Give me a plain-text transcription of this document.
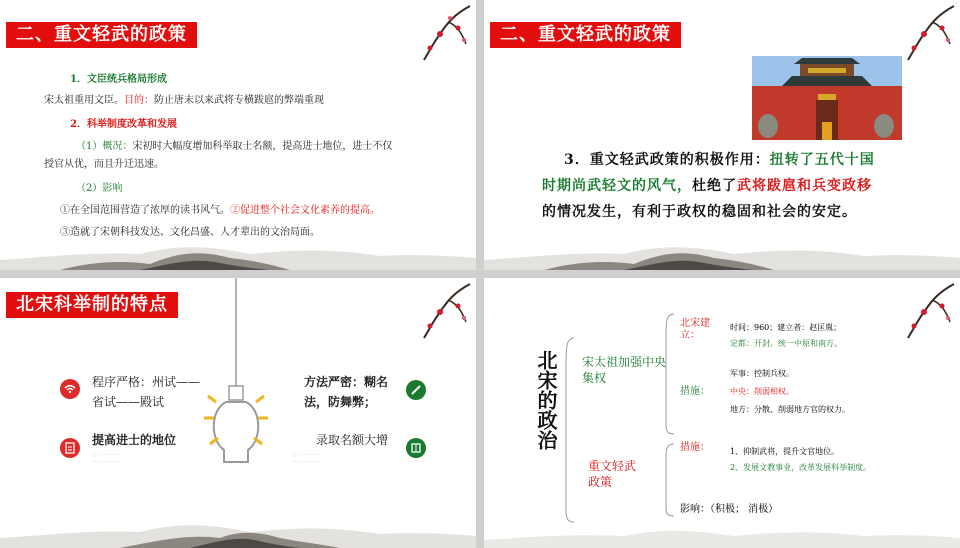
二、重文轻武的政策
1．文臣统兵格局形成
宋太祖重用文臣。目的：防止唐末以来武将专横跋扈的弊端重现
2．科举制度改革和发展
（1）概况：宋初时大幅度增加科举取士名额，提高进士地位，进士不仅
授官从优，而且升迁迅速。
（2）影响
①在全国范围营造了浓厚的读书风气。②促进整个社会文化素养的提高。
③造就了宋朝科技发达、文化昌盛、人才辈出的文治局面。
二、重文轻武的政策
3．重文轻武政策的积极作用：扭转了五代十国
时期尚武轻文的风气，杜绝了武将跋扈和兵变政移
的情况发生，有利于政权的稳固和社会的安定。
北宋科举制的特点
程序严格：州试——
省试——殿试
提高进士的地位
··· ··· ··· ··· ···
··· ··· ··· ··· ···
方法严密：糊名
法，防舞弊；
录取名额大增
··· ··· ··· ··· ···
··· ··· ··· ··· ···
北宋的政治 宋太祖加强中央集权
重文轻武政策
北宋建立：
时间：960；建立者：赵匡胤；
定都：开封。统一中原和南方。
措施：
军事：控制兵权。
中央：削弱相权。
地方：分散、削弱地方官的权力。
措施：	1、抑制武将，提升文官地位。
2、发展文教事业，改革发展科举制度。
影响：（积极； 消极）
